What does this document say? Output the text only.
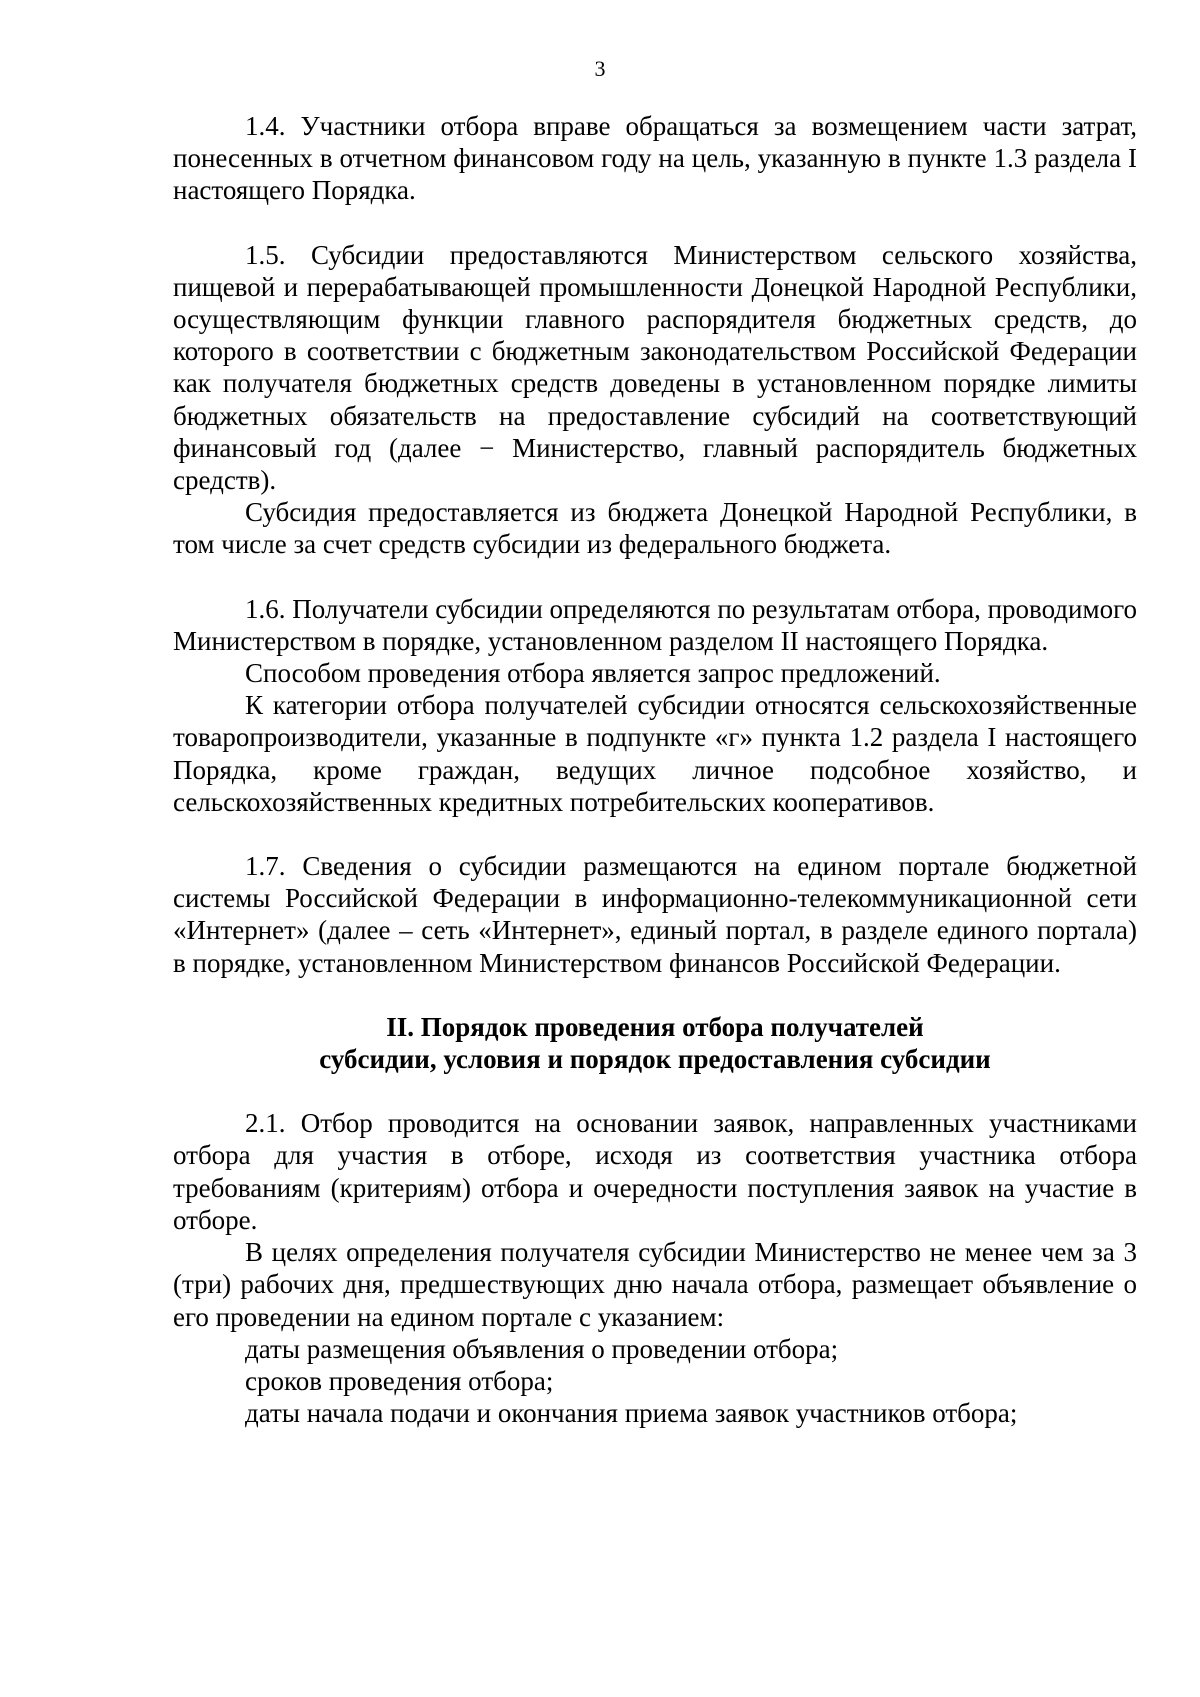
3

1.4. Участники отбора вправе обращаться за возмещением части затрат, понесенных в отчетном финансовом году на цель, указанную в пункте 1.3 раздела I настоящего Порядка.

1.5. Субсидии предоставляются Министерством сельского хозяйства, пищевой и перерабатывающей промышленности Донецкой Народной Республики, осуществляющим функции главного распорядителя бюджетных средств, до которого в соответствии с бюджетным законодательством Российской Федерации как получателя бюджетных средств доведены в установленном порядке лимиты бюджетных обязательств на предоставление субсидий на соответствующий финансовый год (далее − Министерство, главный распорядитель бюджетных средств).

Субсидия предоставляется из бюджета Донецкой Народной Республики, в том числе за счет средств субсидии из федерального бюджета.

1.6. Получатели субсидии определяются по результатам отбора, проводимого Министерством в порядке, установленном разделом II настоящего Порядка.

Способом проведения отбора является запрос предложений.

К категории отбора получателей субсидии относятся сельскохозяйственные товаропроизводители, указанные в подпункте «г» пункта 1.2 раздела I настоящего Порядка, кроме граждан, ведущих личное подсобное хозяйство, и сельскохозяйственных кредитных потребительских кооперативов.

1.7. Сведения о субсидии размещаются на едином портале бюджетной системы Российской Федерации в информационно-телекоммуникационной сети «Интернет» (далее – сеть «Интернет», единый портал, в разделе единого портала) в порядке, установленном Министерством финансов Российской Федерации.

II. Порядок проведения отбора получателей
субсидии, условия и порядок предоставления субсидии

2.1. Отбор проводится на основании заявок, направленных участниками отбора для участия в отборе, исходя из соответствия участника отбора требованиям (критериям) отбора и очередности поступления заявок на участие в отборе.

В целях определения получателя субсидии Министерство не менее чем за 3 (три) рабочих дня, предшествующих дню начала отбора, размещает объявление о его проведении на едином портале с указанием:

даты размещения объявления о проведении отбора;

сроков проведения отбора;

даты начала подачи и окончания приема заявок участников отбора;
